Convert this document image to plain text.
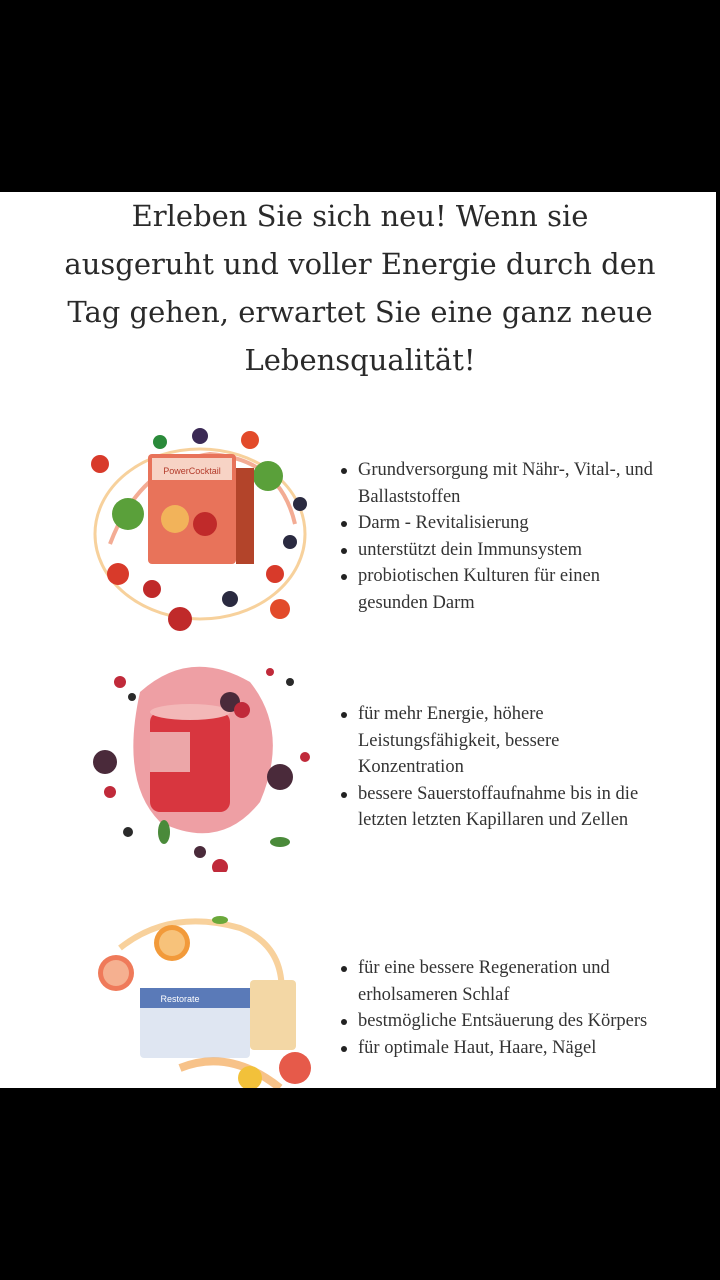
Erleben Sie sich neu! Wenn sie
ausgeruht und voller Energie durch den
Tag gehen, erwartet Sie eine ganz neue
Lebensqualität!
PowerCocktail	Grundversorgung mit Nähr-, Vital-, und Ballaststoffen
Darm - Revitalisierung
unterstützt dein Immunsystem
probiotischen Kulturen für einen gesunden Darm
für mehr Energie, höhere Leistungsfähigkeit, bessere Konzentration
bessere Sauerstoffaufnahme bis in die letzten letzten Kapillaren und Zellen
Restorate
für eine bessere Regeneration und erholsameren Schlaf
bestmögliche Entsäuerung des Körpers
für optimale Haut, Haare, Nägel
